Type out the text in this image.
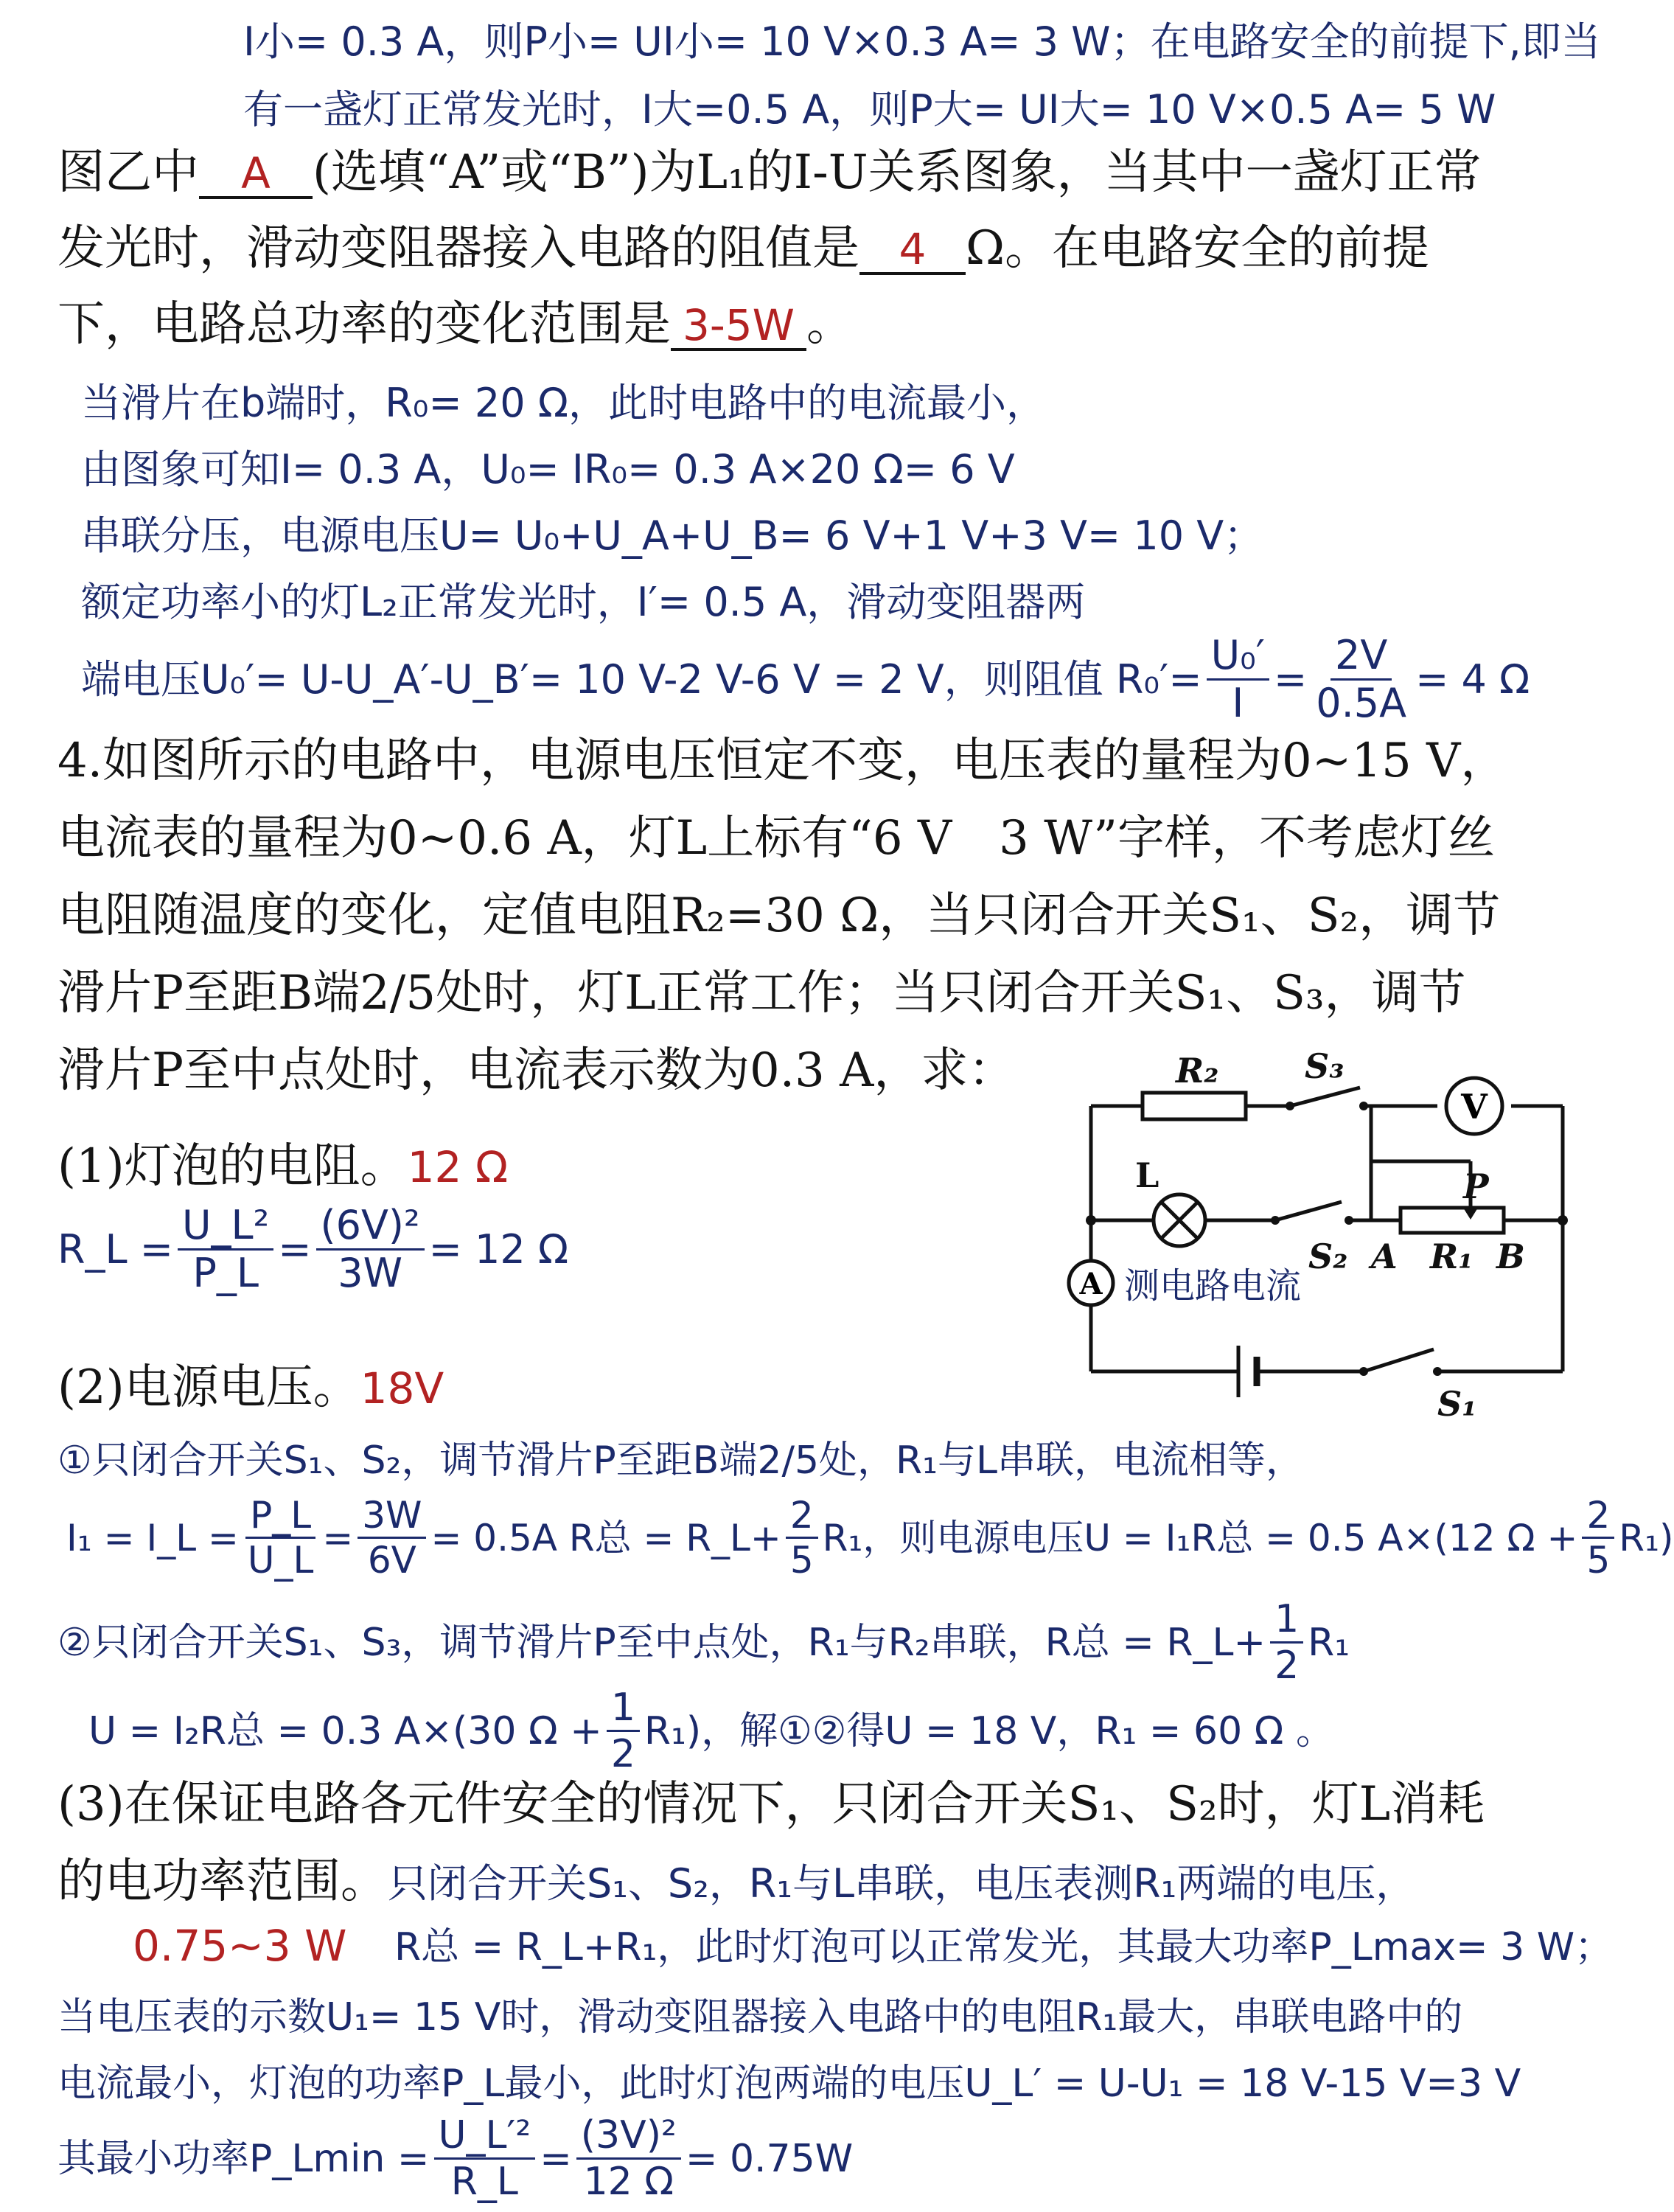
I小= 0.3 A，则P小= UI小= 10 V×0.3 A= 3 W；在电路安全的前提下,即当
有一盏灯正常发光时，I大=0.5 A，则P大= UI大= 10 V×0.5 A= 5 W
图乙中 A (选填“A”或“B”)为L₁的I-U关系图象，当其中一盏灯正常
发光时，滑动变阻器接入电路的阻值是 4 Ω。在电路安全的前提
下，电路总功率的变化范围是 3-5W 。
当滑片在b端时，R₀= 20 Ω，此时电路中的电流最小，
由图象可知I= 0.3 A，U₀= IR₀= 0.3 A×20 Ω= 6 V
串联分压，电源电压U= U₀+U_A+U_B= 6 V+1 V+3 V= 10 V；
额定功率小的灯L₂正常发光时，I′= 0.5 A，滑动变阻器两
端电压U₀′= U-U_A′-U_B′= 10 V-2 V-6 V = 2 V，则阻值 $R_0'= \frac{\text{U₀′}}{I} = \frac{2V}{0.5A} = 4$ Ω
4.如图所示的电路中，电源电压恒定不变，电压表的量程为0~15 V，
电流表的量程为0~0.6 A，灯L上标有“6 V　3 W”字样，不考虑灯丝
电阻随温度的变化，定值电阻R₂=30 Ω，当只闭合开关S₁、S₂，调节
滑片P至距B端2/5处时，灯L正常工作；当只闭合开关S₁、S₃，调节
滑片P至中点处时，电流表示数为0.3 A，求：
(1)灯泡的电阻。12 Ω
R_L = $\frac{\text{U\_L²}}{P\_L} = \frac{\text{(6V)²}}{3W} = 12$ Ω
(2)电源电压。18V
①只闭合开关S₁、S₂，调节滑片P至距B端2/5处，R₁与L串联，电流相等，
I₁ = I_L = $\frac{P\_L}{U\_L} = \frac{3W}{6V} = 0.5A$ R总 = R_L+ $\frac{2}{5} R_1$，则电源电压U = I₁R总 = 0.5 A×(12 $\Omega + \frac{2}{5} R_1$)
②只闭合开关S₁、S₃，调节滑片P至中点处，R₁与R₂串联，R总 = R_L+ $\frac{1}{2} R_1$
U = I₂R总 = 0.3 A×(30 $\Omega + \frac{1}{2} R_1$)，解①②得U = 18 V，R₁ = 60 Ω 。
(3)在保证电路各元件安全的情况下，只闭合开关S₁、S₂时，灯L消耗
的电功率范围。只闭合开关S₁、S₂，R₁与L串联，电压表测R₁两端的电压，
0.75~3 W R总 = R_L+R₁，此时灯泡可以正常发光，其最大功率P_Lmax= 3 W；
当电压表的示数U₁= 15 V时，滑动变阻器接入电路中的电阻R₁最大，串联电路中的
电流最小，灯泡的功率P_L最小，此时灯泡两端的电压U_L′ = U-U₁ = 18 V-15 V=3 V
其最小功率P_Lmin = $\frac{\text{U\_L′²}}{R\_L} = \frac{\text{(3V)²}}{12 \Omega} = 0.75W$
V
A 测电路电流
R₂	S₃
L	P
S₂ A R₁ B
S₁
